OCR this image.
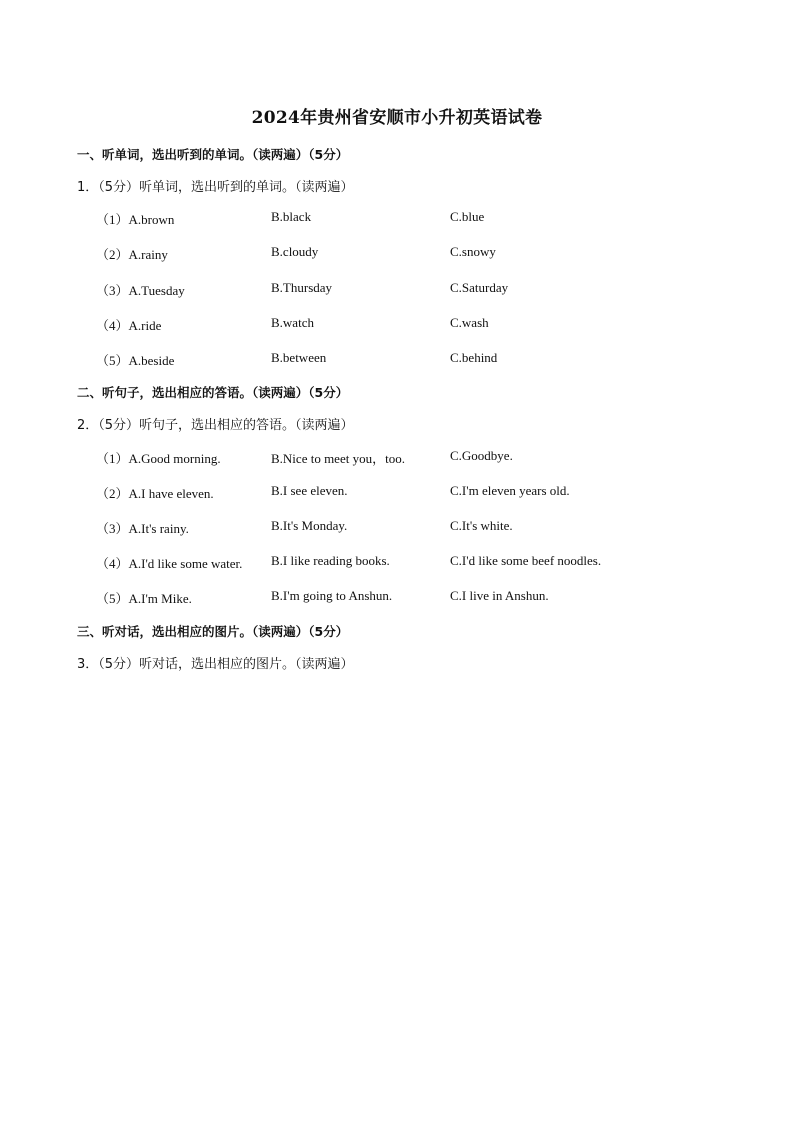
2024年贵州省安顺市小升初英语试卷
一、听单词，选出听到的单词。（读两遍）（5分）
1．（5分）听单词，选出听到的单词。（读两遍）
（1）A.brown	B.black	C.blue
（2）A.rainy	B.cloudy	C.snowy
（3）A.Tuesday	B.Thursday	C.Saturday
（4）A.ride	B.watch	C.wash
（5）A.beside	B.between	C.behind
二、听句子，选出相应的答语。（读两遍）（5分）
2．（5分）听句子，选出相应的答语。（读两遍）
（1）A.Good morning.	B.Nice to meet you，too.	C.Goodbye.
（2）A.I have eleven.	B.I see eleven.	C.I'm eleven years old.
（3）A.It's rainy.	B.It's Monday.	C.It's white.
（4）A.I'd like some water. B.I like reading books.	C.I'd like some beef noodles.
（5）A.I'm Mike.	B.I'm going to Anshun.	C.I live in Anshun.
三、听对话，选出相应的图片。（读两遍）（5分）
3．（5分）听对话，选出相应的图片。（读两遍）
